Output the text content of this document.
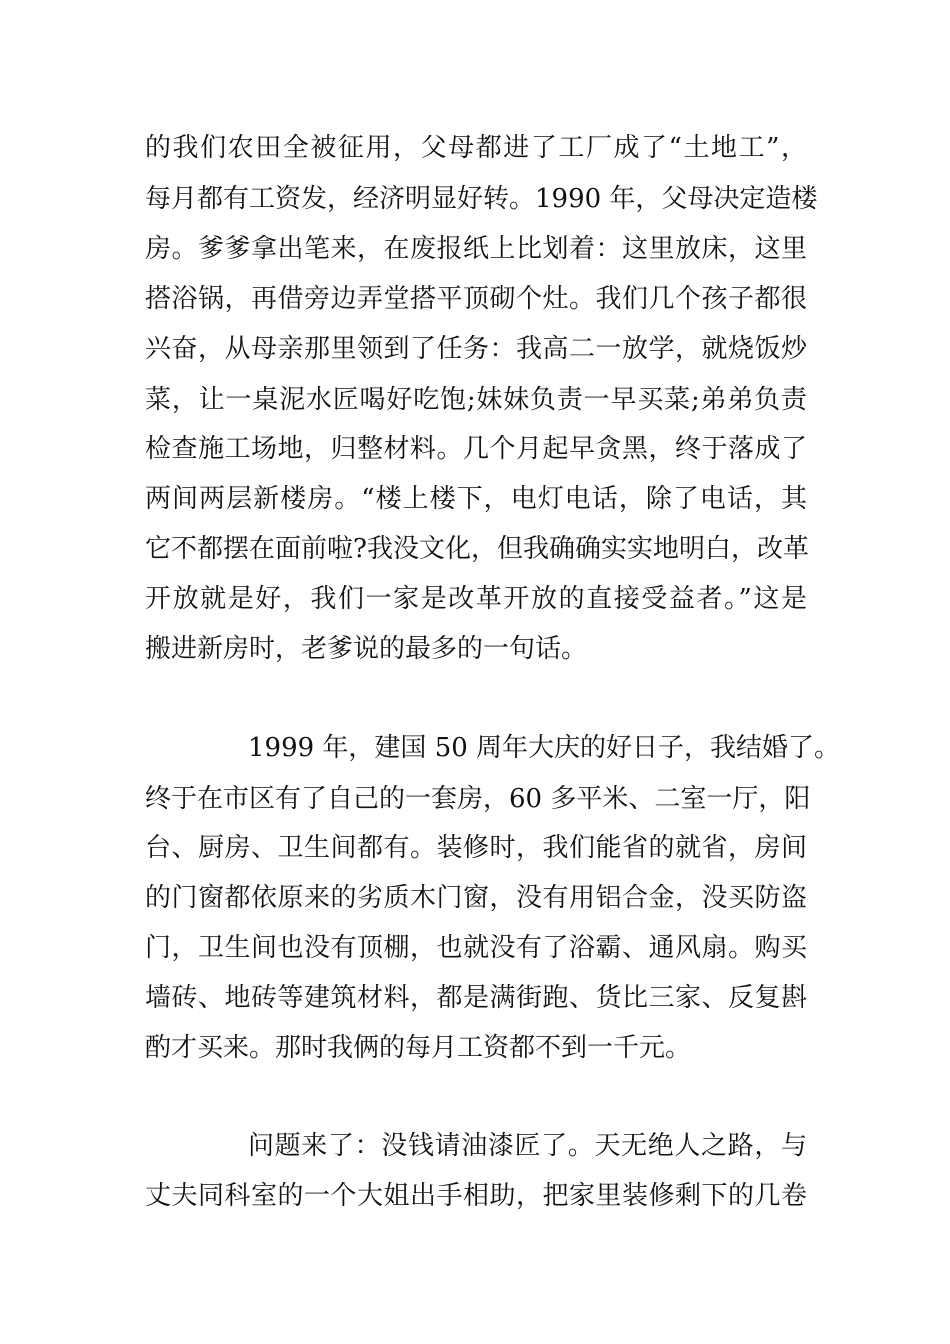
的我们农田全被征用，父母都进了工厂成了“土地工”，
每月都有工资发，经济明显好转。1990 年，父母决定造楼
房。爹爹拿出笔来，在废报纸上比划着：这里放床，这里
搭浴锅，再借旁边弄堂搭平顶砌个灶。我们几个孩子都很
兴奋，从母亲那里领到了任务：我高二一放学，就烧饭炒
菜，让一桌泥水匠喝好吃饱;妹妹负责一早买菜;弟弟负责
检查施工场地，归整材料。几个月起早贪黑，终于落成了
两间两层新楼房。“楼上楼下，电灯电话，除了电话，其
它不都摆在面前啦?我没文化，但我确确实实地明白，改革
开放就是好，我们一家是改革开放的直接受益者。”这是
搬进新房时，老爹说的最多的一句话。
1999 年，建国 50 周年大庆的好日子，我结婚了。
终于在市区有了自己的一套房，60 多平米、二室一厅，阳
台、厨房、卫生间都有。装修时，我们能省的就省，房间
的门窗都依原来的劣质木门窗，没有用铝合金，没买防盗
门，卫生间也没有顶棚，也就没有了浴霸、通风扇。购买
墙砖、地砖等建筑材料，都是满街跑、货比三家、反复斟
酌才买来。那时我俩的每月工资都不到一千元。
问题来了：没钱请油漆匠了。天无绝人之路，与
丈夫同科室的一个大姐出手相助，把家里装修剩下的几卷
